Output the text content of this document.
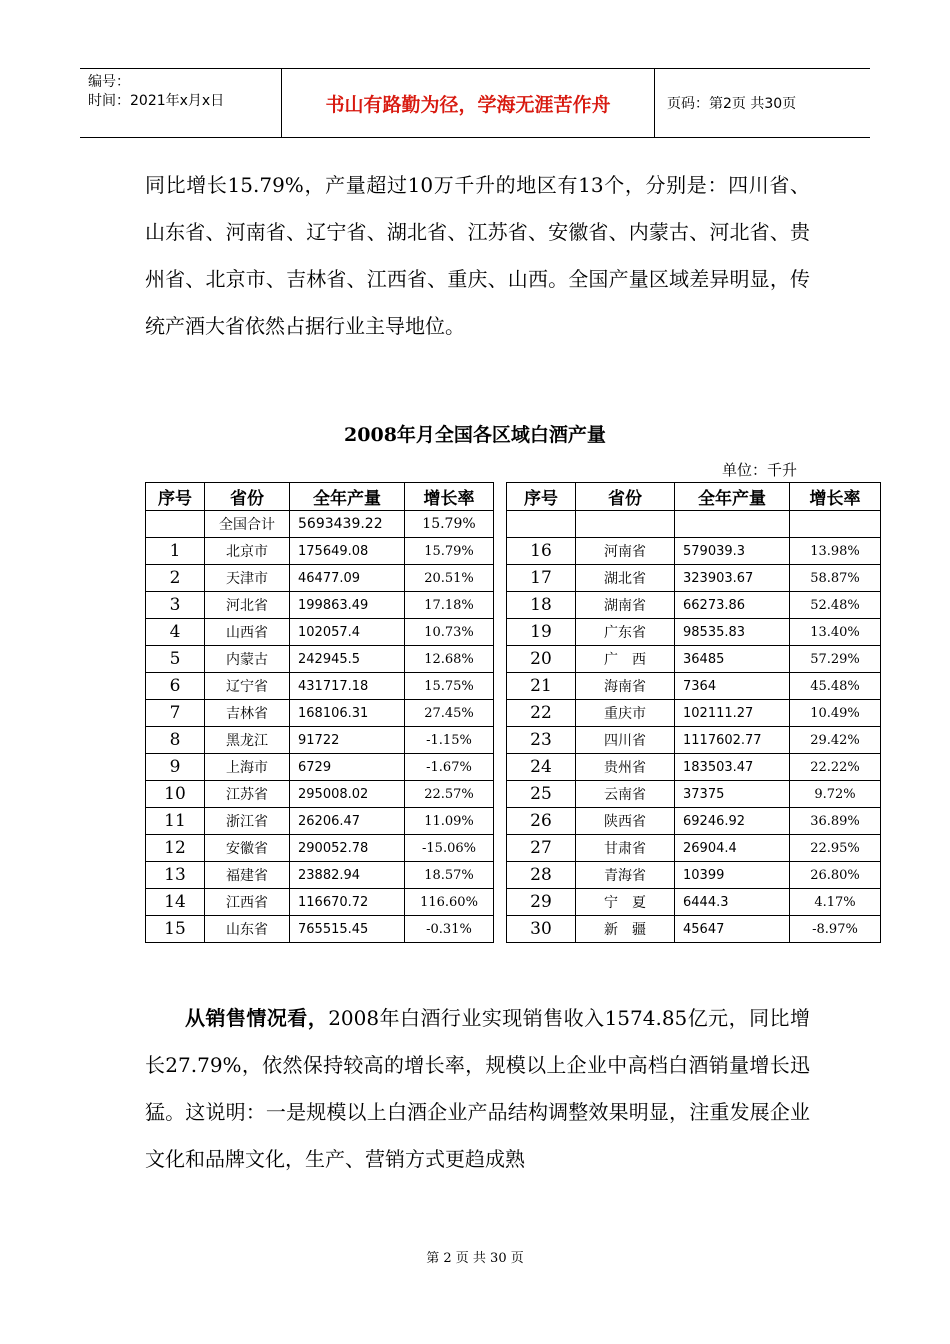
编号：
时间：2021年x月x日	书山有路勤为径，学海无涯苦作舟	页码：第2页 共30页
同比增长15.79%，产量超过10万千升的地区有13个，分别是：四川省、山东省、河南省、辽宁省、湖北省、江苏省、安徽省、内蒙古、河北省、贵州省、北京市、吉林省、江西省、重庆、山西。全国产量区域差异明显，传统产酒大省依然占据行业主导地位。
2008年月全国各区域白酒产量
单位：千升
序号	省份	全年产量	增长率
	全国合计	5693439.22	15.79%
1	北京市	175649.08	15.79%
2	天津市	46477.09	20.51%
3	河北省	199863.49	17.18%
4	山西省	102057.4	10.73%
5	内蒙古	242945.5	12.68%
6	辽宁省	431717.18	15.75%
7	吉林省	168106.31	27.45%
8	黑龙江	91722	-1.15%
9	上海市	6729	-1.67%
10	江苏省	295008.02	22.57%
11	浙江省	26206.47	11.09%
12	安徽省	290052.78	-15.06%
13	福建省	23882.94	18.57%
14	江西省	116670.72	116.60%
15	山东省	765515.45	-0.31%
序号	省份	全年产量	增长率

16	河南省	579039.3	13.98%
17	湖北省	323903.67	58.87%
18	湖南省	66273.86	52.48%
19	广东省	98535.83	13.40%
20	广　西	36485	57.29%
21	海南省	7364	45.48%
22	重庆市	102111.27	10.49%
23	四川省	1117602.77	29.42%
24	贵州省	183503.47	22.22%
25	云南省	37375	9.72%
26	陕西省	69246.92	36.89%
27	甘肃省	26904.4	22.95%
28	青海省	10399	26.80%
29	宁　夏	6444.3	4.17%
30	新　疆	45647	-8.97%
从销售情况看，2008年白酒行业实现销售收入1574.85亿元，同比增长27.79%，依然保持较高的增长率，规模以上企业中高档白酒销量增长迅猛。这说明：一是规模以上白酒企业产品结构调整效果明显，注重发展企业文化和品牌文化，生产、营销方式更趋成熟
第 2 页 共 30 页
